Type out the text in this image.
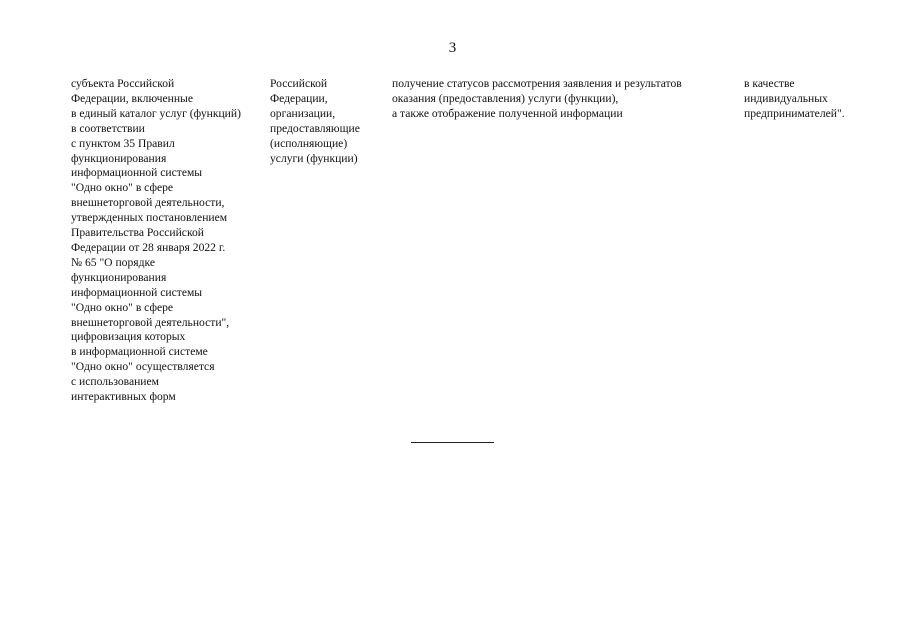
3
субъекта Российской
Федерации, включенные
в единый каталог услуг (функций)
в соответствии
с пунктом 35 Правил
функционирования
информационной системы
"Одно окно" в сфере
внешнеторговой деятельности,
утвержденных постановлением
Правительства Российской
Федерации от 28 января 2022 г.
№ 65 "О порядке
функционирования
информационной системы
"Одно окно" в сфере
внешнеторговой деятельности",
цифровизация которых
в информационной системе
"Одно окно" осуществляется
с использованием
интерактивных форм
Российской
Федерации,
организации,
предоставляющие
(исполняющие)
услуги (функции)
получение статусов рассмотрения заявления и результатов
оказания (предоставления) услуги (функции),
а также отображение полученной информации
в качестве
индивидуальных
предпринимателей".
